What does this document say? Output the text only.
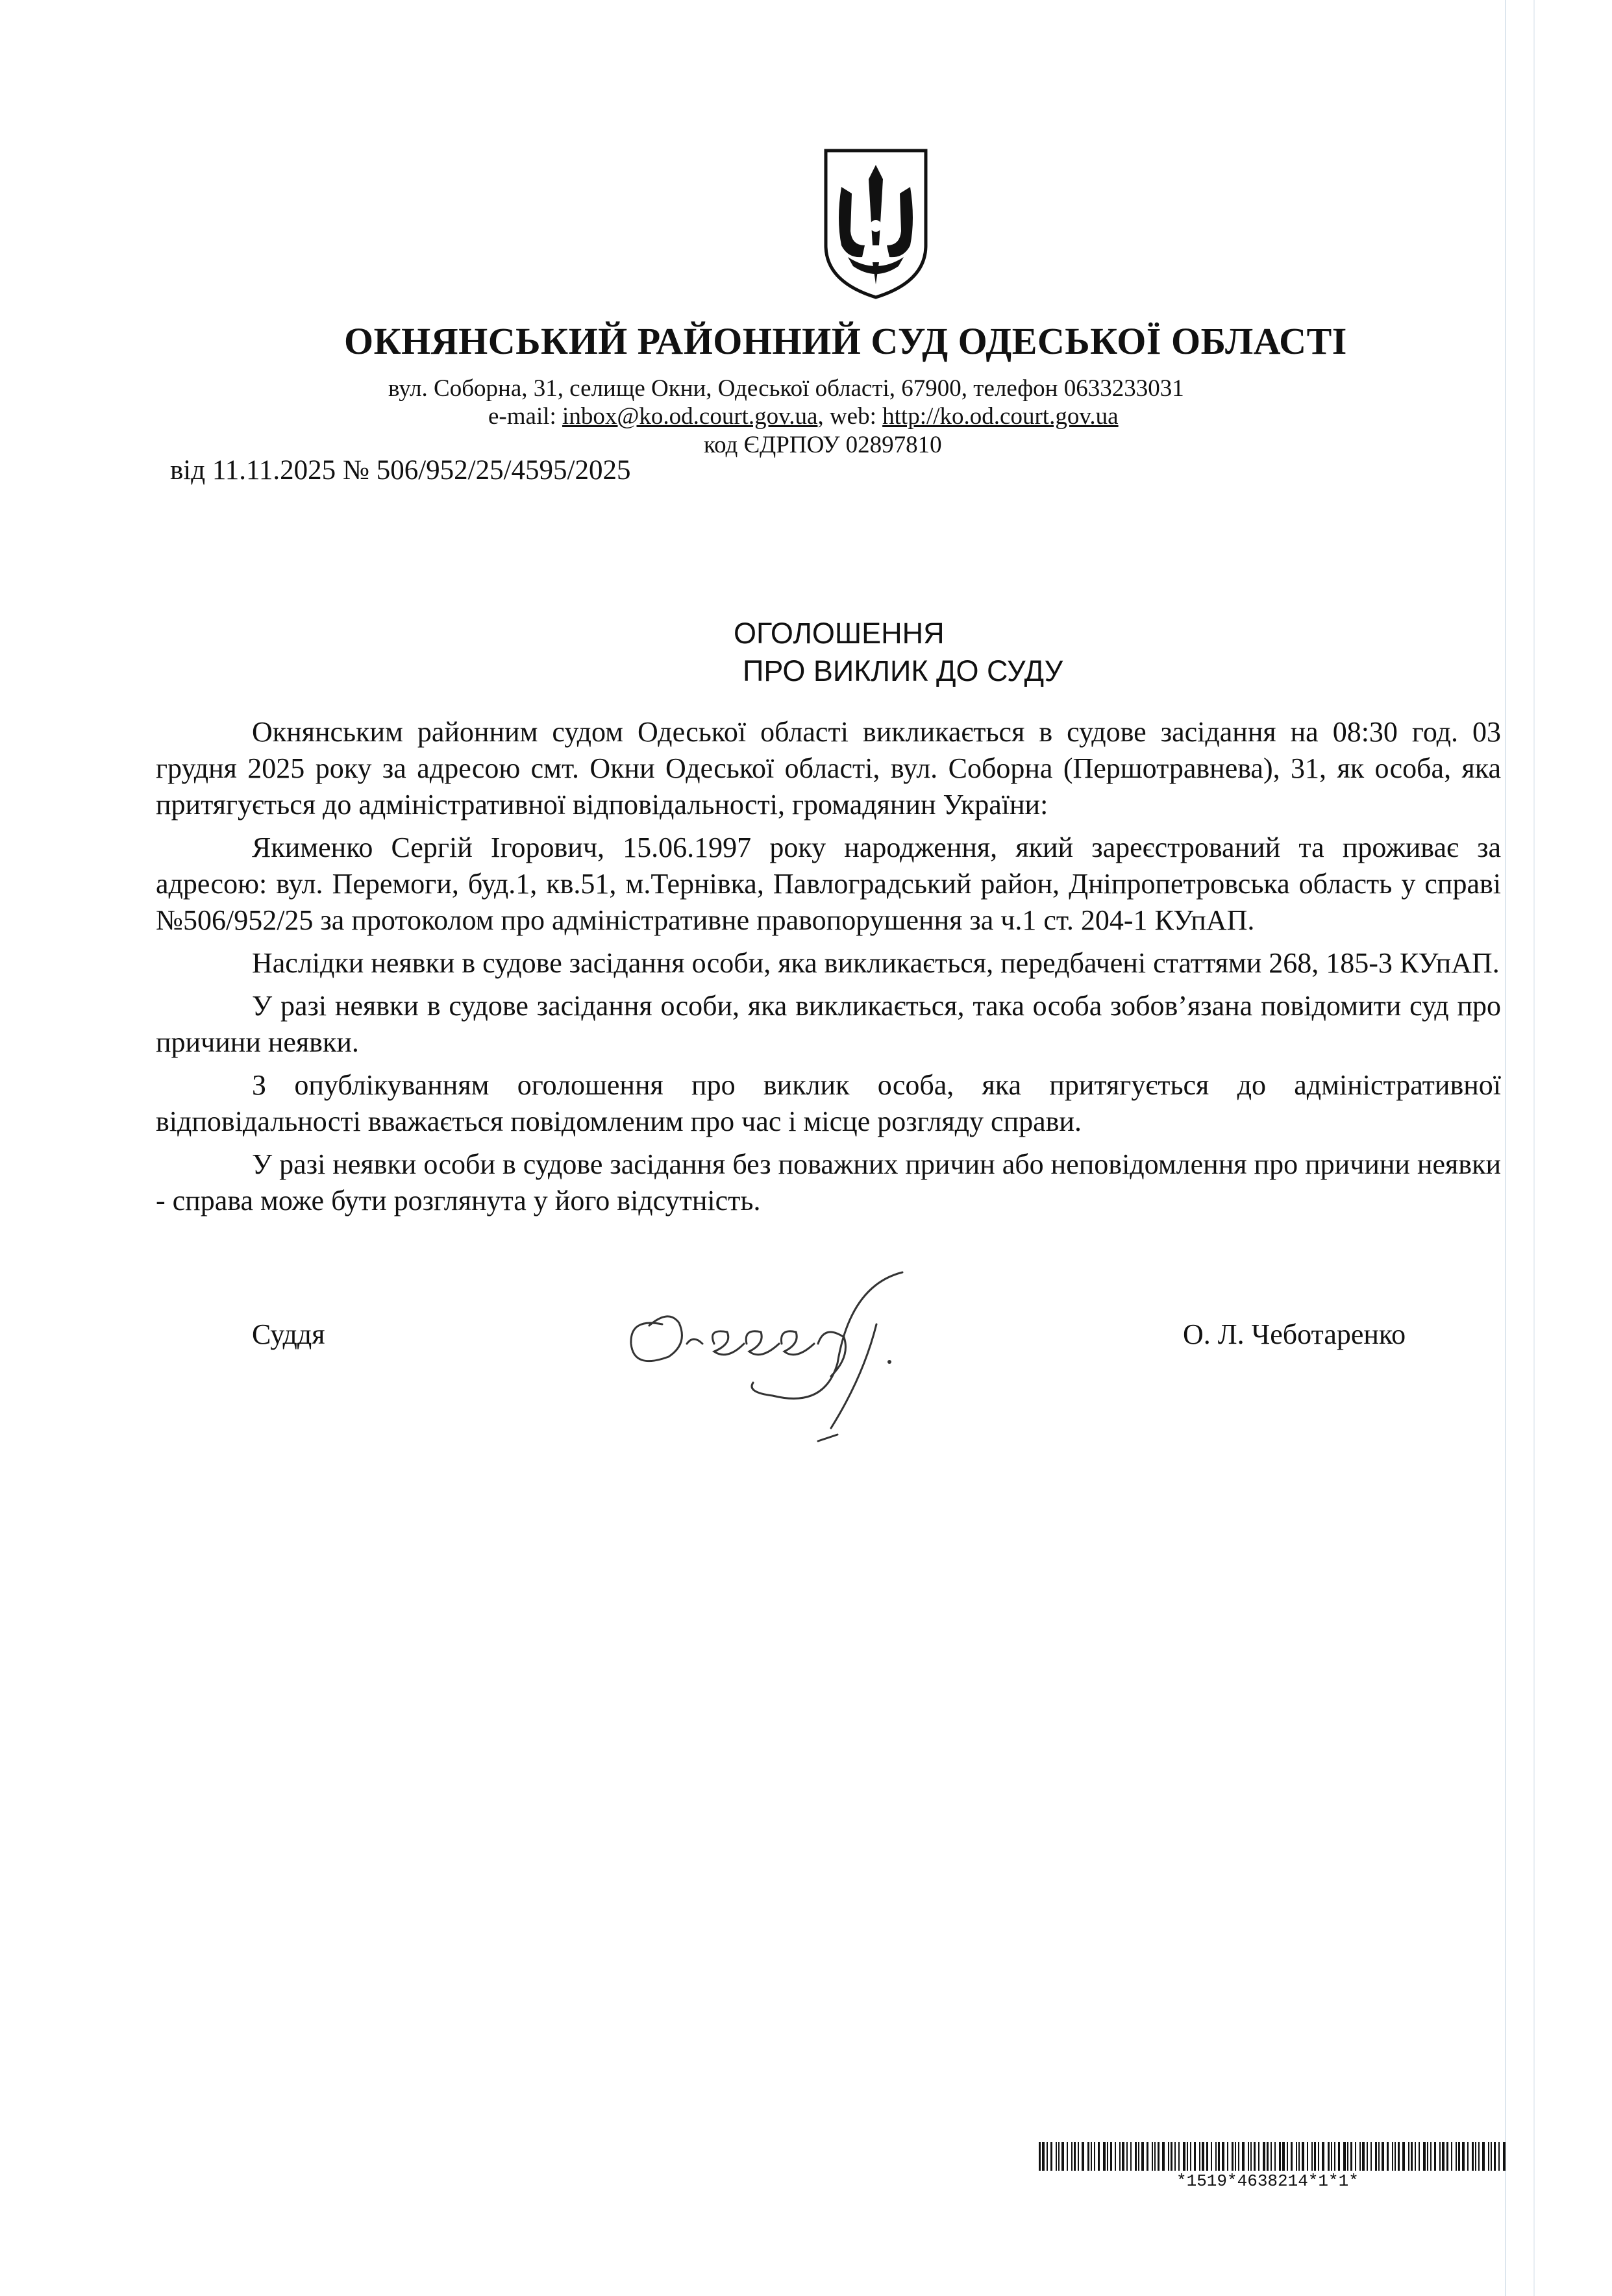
ОКНЯНСЬКИЙ РАЙОННИЙ СУД ОДЕСЬКОЇ ОБЛАСТІ
вул. Соборна, 31, селище Окни, Одеської області, 67900, телефон 0633233031
e-mail: inbox@ko.od.court.gov.ua, web: http://ko.od.court.gov.ua
код ЄДРПОУ 02897810
від 11.11.2025 № 506/952/25/4595/2025
ОГОЛОШЕННЯ
ПРО ВИКЛИК ДО СУДУ

Окнянським районним судом Одеської області викликається в судове засідання на 08:30 год. 03 грудня 2025 року за адресою смт. Окни Одеської області, вул. Соборна (Першотравнева), 31, як особа, яка притягується до адміністративної відповідальності, громадянин України:

Якименко Сергій Ігорович, 15.06.1997 року народження, який зареєстрований та проживає за адресою: вул. Перемоги, буд.1, кв.51, м.Тернівка, Павлоградський район, Дніпропетровська область у справі №506/952/25 за протоколом про адміністративне правопорушення за ч.1 ст. 204-1 КУпАП.

Наслідки неявки в судове засідання особи, яка викликається, передбачені статтями 268, 185-3 КУпАП.

У разі неявки в судове засідання особи, яка викликається, така особа зобов’язана повідомити суд про причини неявки.

З опублікуванням оголошення про виклик особа, яка притягується до адміністративної відповідальності вважається повідомленим про час і місце розгляду справи.

У разі неявки особи в судове засідання без поважних причин або неповідомлення про причини неявки - справа може бути розглянута у його відсутність.

Суддя	О. Л. Чеботаренко
*1519*4638214*1*1*
